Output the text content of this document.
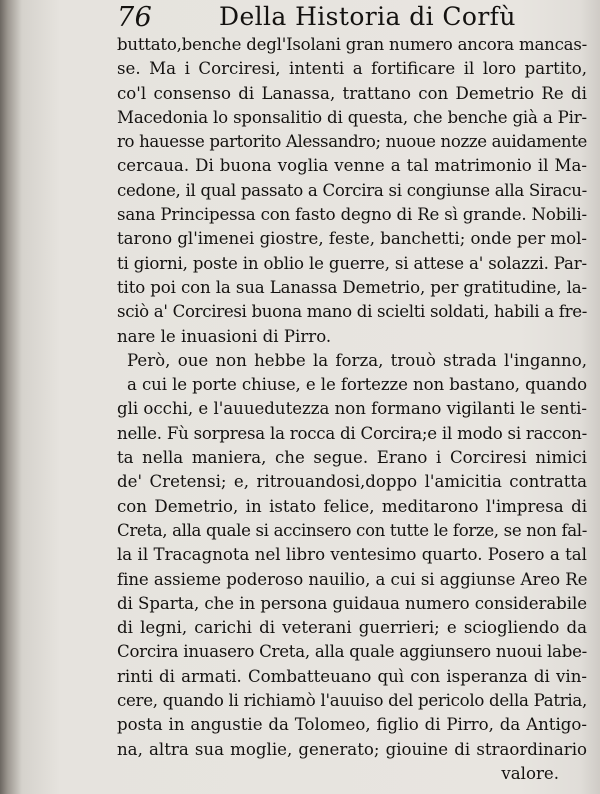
76	Della Historia di Corfù
buttato,benche degl'Isolani gran numero ancora mancas-
se. Ma i Corciresi, intenti a fortificare il loro partito,
co'l consenso di Lanassa, trattano con Demetrio Re di
Macedonia lo sponsalitio di questa, che benche già a Pir-
ro hauesse partorito Alessandro; nuoue nozze auidamente
cercaua. Di buona voglia venne a tal matrimonio il Ma-
cedone, il qual passato a Corcira si congiunse alla Siracu-
sana Principessa con fasto degno di Re sì grande. Nobili-
tarono gl'imenei giostre, feste, banchetti; onde per mol-
ti giorni, poste in oblio le guerre, si attese a' solazzi. Par-
tito poi con la sua Lanassa Demetrio, per gratitudine, la-
sciò a' Corciresi buona mano di scielti soldati, habili a fre-
nare le inuasioni di Pirro.
Però, oue non hebbe la forza, trouò strada l'inganno,
a cui le porte chiuse, e le fortezze non bastano, quando
gli occhi, e l'auuedutezza non formano vigilanti le senti-
nelle. Fù sorpresa la rocca di Corcira;e il modo si raccon-
ta nella maniera, che segue. Erano i Corciresi nimici
de' Cretensi; e, ritrouandosi,doppo l'amicitia contratta
con Demetrio, in istato felice, meditarono l'impresa di
Creta, alla quale si accinsero con tutte le forze, se non fal-
la il Tracagnota nel libro ventesimo quarto. Posero a tal
fine assieme poderoso nauilio, a cui si aggiunse Areo Re
di Sparta, che in persona guidaua numero considerabile
di legni, carichi di veterani guerrieri; e sciogliendo da
Corcira inuasero Creta, alla quale aggiunsero nuoui labe-
rinti di armati. Combatteuano quì con isperanza di vin-
cere, quando li richiamò l'auuiso del pericolo della Patria,
posta in angustie da Tolomeo, figlio di Pirro, da Antigo-
na, altra sua moglie, generato; giouine di straordinario
valore.
